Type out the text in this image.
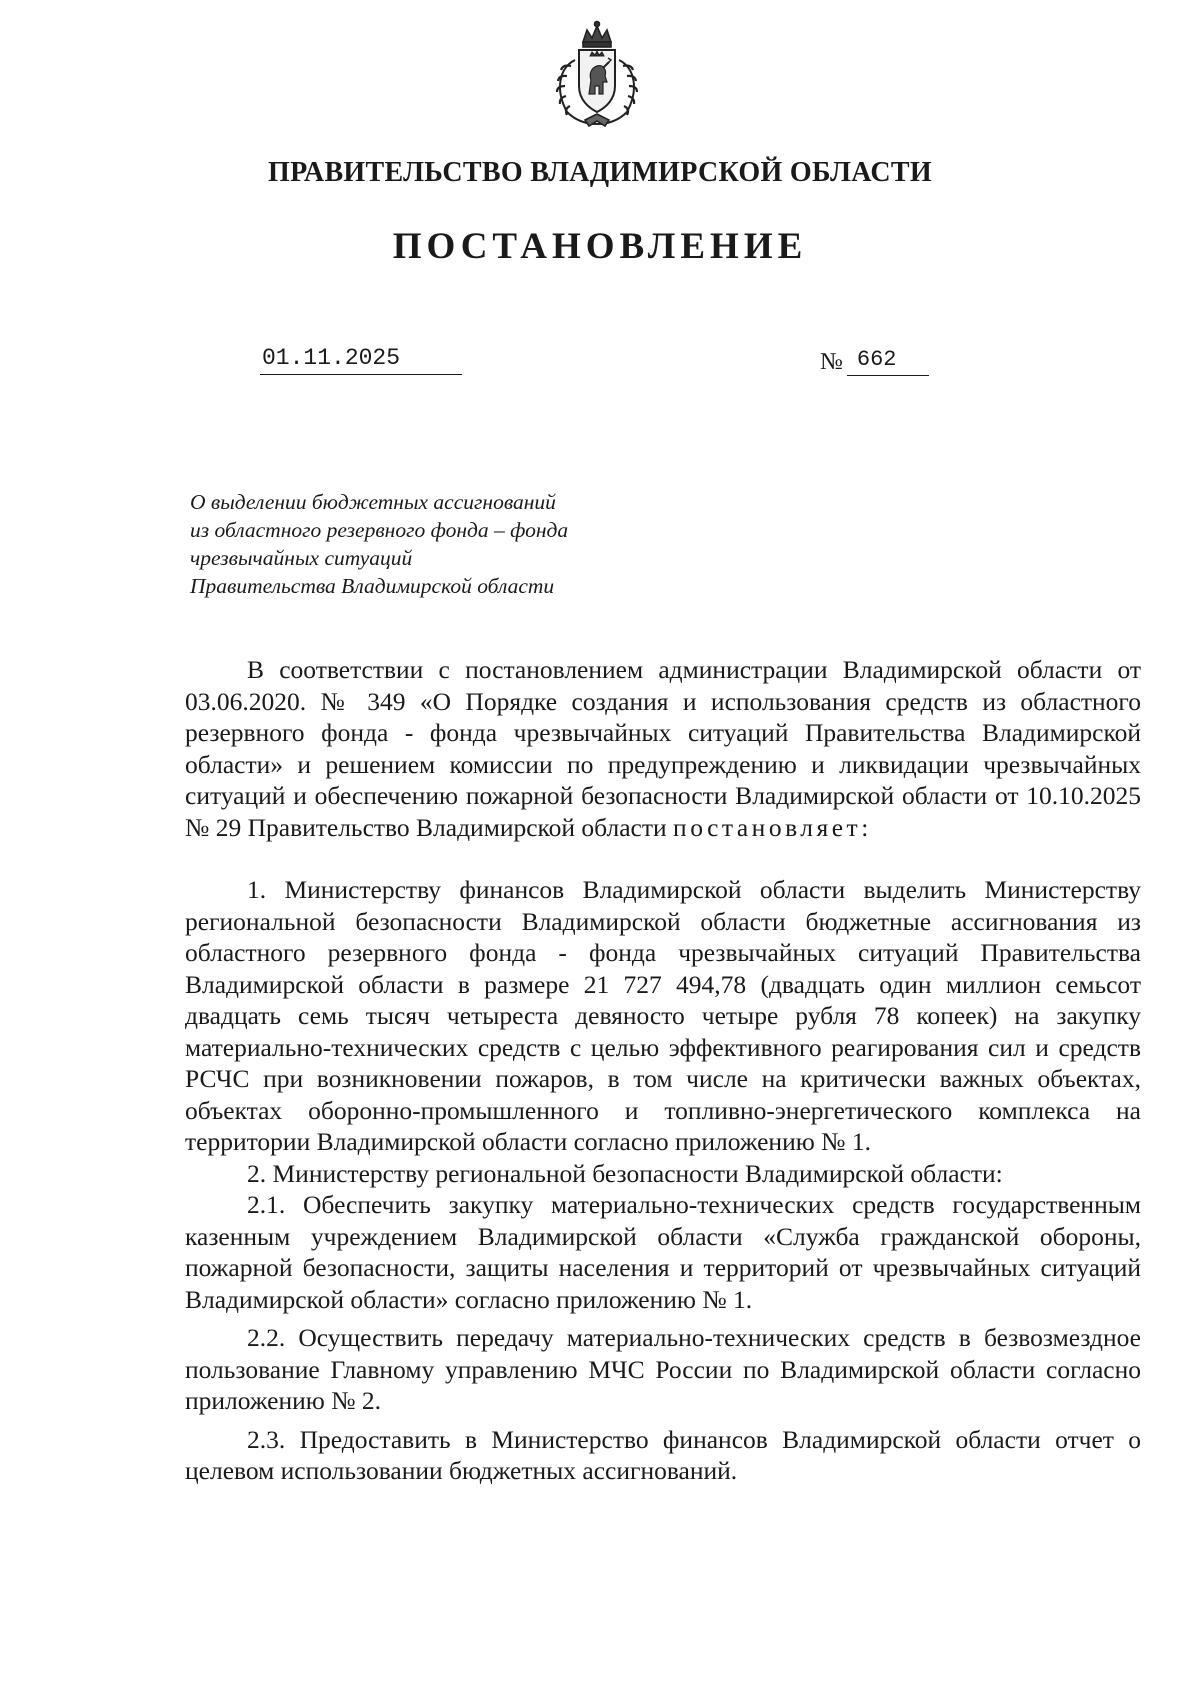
ПРАВИТЕЛЬСТВО ВЛАДИМИРСКОЙ ОБЛАСТИ
ПОСТАНОВЛЕНИЕ
01.11.2025	№ 662
О выделении бюджетных ассигнований
из областного резервного фонда – фонда
чрезвычайных ситуаций
Правительства Владимирской области

В соответствии с постановлением администрации Владимирской области от 03.06.2020. № 349 «О Порядке создания и использования средств из областного резервного фонда - фонда чрезвычайных ситуаций Правительства Владимирской области» и решением комиссии по предупреждению и ликвидации чрезвычайных ситуаций и обеспечению пожарной безопасности Владимирской области от 10.10.2025 № 29 Правительство Владимирской области постановляет:

1. Министерству финансов Владимирской области выделить Министерству региональной безопасности Владимирской области бюджетные ассигнования из областного резервного фонда - фонда чрезвычайных ситуаций Правительства Владимирской области в размере 21 727 494,78 (двадцать один миллион семьсот двадцать семь тысяч четыреста девяносто четыре рубля 78 копеек) на закупку материально-технических средств с целью эффективного реагирования сил и средств РСЧС при возникновении пожаров, в том числе на критически важных объектах, объектах оборонно-промышленного и топливно-энергетического комплекса на территории Владимирской области согласно приложению № 1.

2. Министерству региональной безопасности Владимирской области:

2.1. Обеспечить закупку материально-технических средств государственным казенным учреждением Владимирской области «Служба гражданской обороны, пожарной безопасности, защиты населения и территорий от чрезвычайных ситуаций Владимирской области» согласно приложению № 1.

2.2. Осуществить передачу материально-технических средств в безвозмездное пользование Главному управлению МЧС России по Владимирской области согласно приложению № 2.

2.3. Предоставить в Министерство финансов Владимирской области отчет о целевом использовании бюджетных ассигнований.
